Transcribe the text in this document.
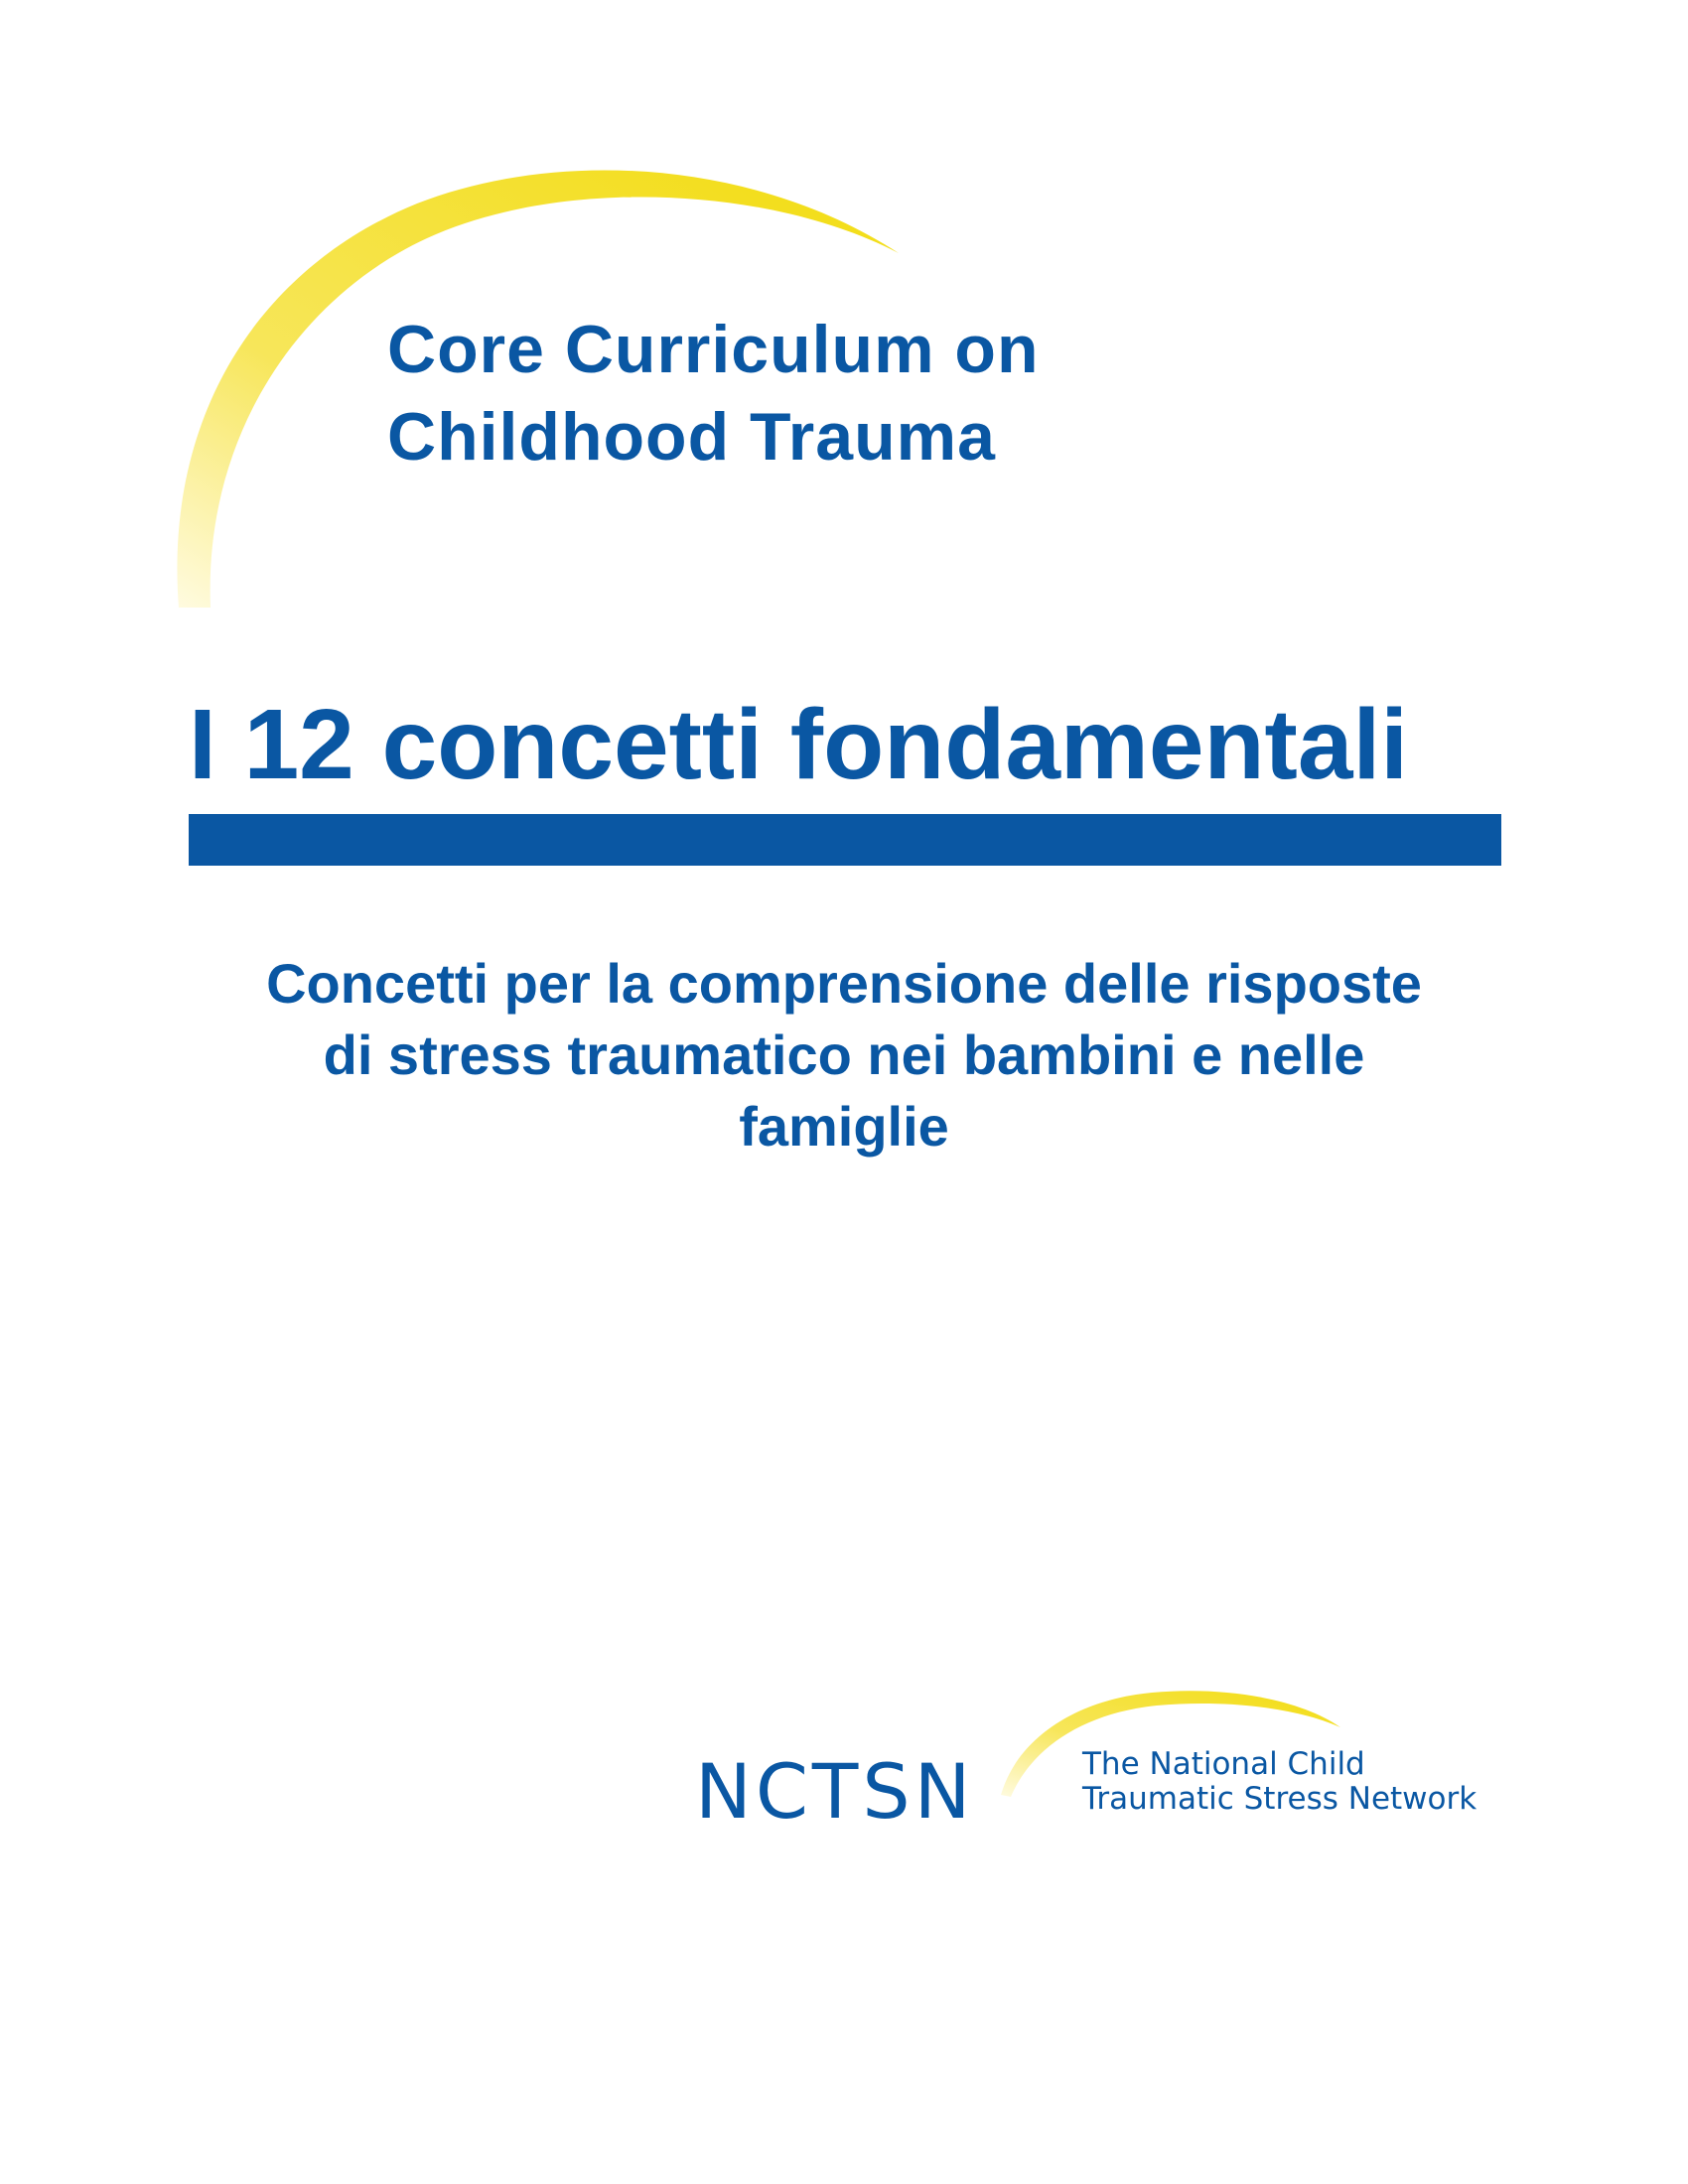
Core Curriculum on
Childhood Trauma
I 12 concetti fondamentali
Concetti per la comprensione delle risposte
di stress traumatico nei bambini e nelle
famiglie
NCTSN	The National Child
Traumatic Stress Network
